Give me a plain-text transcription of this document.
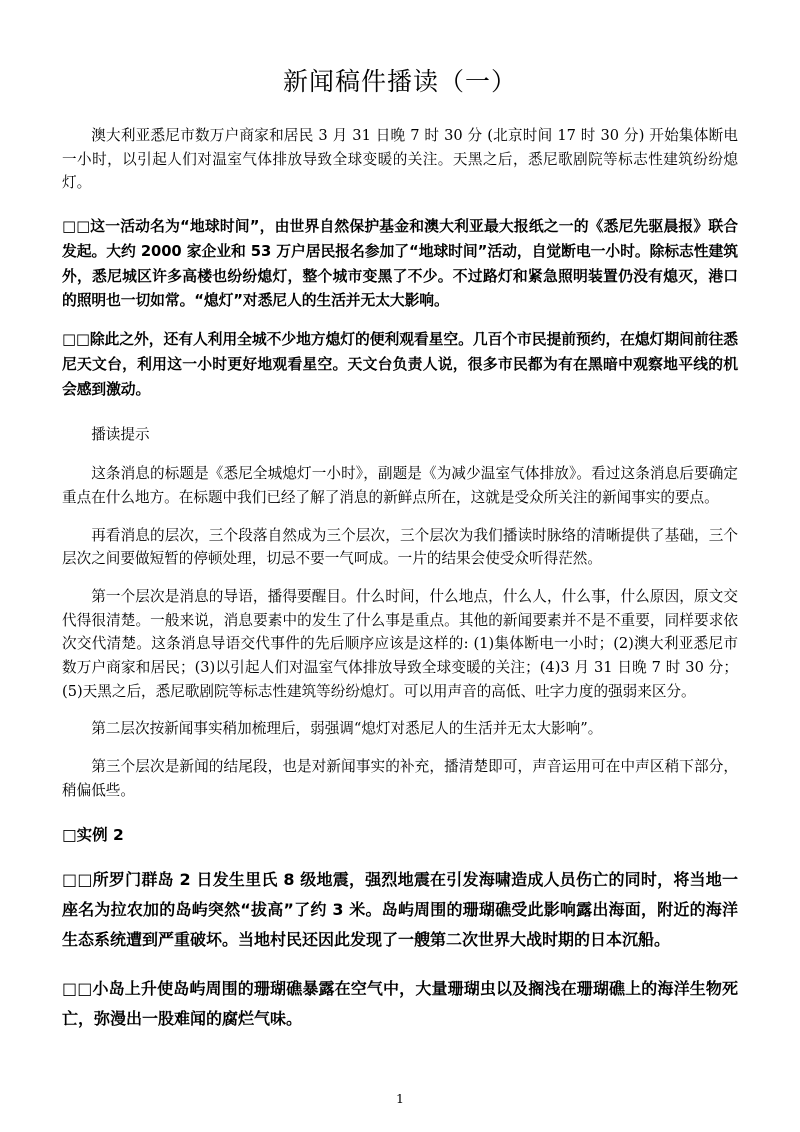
新闻稿件播读（一）

澳大利亚悉尼市数万户商家和居民 3 月 31 日晚 7 时 30 分 (北京时间 17 时 30 分) 开始集体断电一小时，以引起人们对温室气体排放导致全球变暖的关注。天黑之后，悉尼歌剧院等标志性建筑纷纷熄灯。

□□这一活动名为“地球时间”，由世界自然保护基金和澳大利亚最大报纸之一的《悉尼先驱晨报》联合发起。大约 2000 家企业和 53 万户居民报名参加了“地球时间”活动，自觉断电一小时。除标志性建筑外，悉尼城区许多高楼也纷纷熄灯，整个城市变黑了不少。不过路灯和紧急照明装置仍没有熄灭，港口的照明也一切如常。“熄灯”对悉尼人的生活并无太大影响。

□□除此之外，还有人利用全城不少地方熄灯的便利观看星空。几百个市民提前预约，在熄灯期间前往悉尼天文台，利用这一小时更好地观看星空。天文台负责人说，很多市民都为有在黑暗中观察地平线的机会感到激动。

播读提示

这条消息的标题是《悉尼全城熄灯一小时》，副题是《为减少温室气体排放》。看过这条消息后要确定重点在什么地方。在标题中我们已经了解了消息的新鲜点所在，这就是受众所关注的新闻事实的要点。

再看消息的层次，三个段落自然成为三个层次，三个层次为我们播读时脉络的清晰提供了基础，三个层次之间要做短暂的停顿处理，切忌不要一气呵成。一片的结果会使受众听得茫然。

第一个层次是消息的导语，播得要醒目。什么时间，什么地点，什么人，什么事，什么原因，原文交代得很清楚。一般来说，消息要素中的发生了什么事是重点。其他的新闻要素并不是不重要，同样要求依次交代清楚。这条消息导语交代事件的先后顺序应该是这样的: (1)集体断电一小时；(2)澳大利亚悉尼市数万户商家和居民；(3)以引起人们对温室气体排放导致全球变暖的关注；(4)3 月 31 日晚 7 时 30 分；(5)天黑之后，悉尼歌剧院等标志性建筑等纷纷熄灯。可以用声音的高低、吐字力度的强弱来区分。

第二层次按新闻事实稍加梳理后，弱强调“熄灯对悉尼人的生活并无太大影响”。

第三个层次是新闻的结尾段，也是对新闻事实的补充，播清楚即可，声音运用可在中声区稍下部分，稍偏低些。

□实例 2

□□所罗门群岛 2 日发生里氏 8 级地震，强烈地震在引发海啸造成人员伤亡的同时，将当地一座名为拉农加的岛屿突然“拔高”了约 3 米。岛屿周围的珊瑚礁受此影响露出海面，附近的海洋生态系统遭到严重破坏。当地村民还因此发现了一艘第二次世界大战时期的日本沉船。

□□小岛上升使岛屿周围的珊瑚礁暴露在空气中，大量珊瑚虫以及搁浅在珊瑚礁上的海洋生物死亡，弥漫出一股难闻的腐烂气味。

1
